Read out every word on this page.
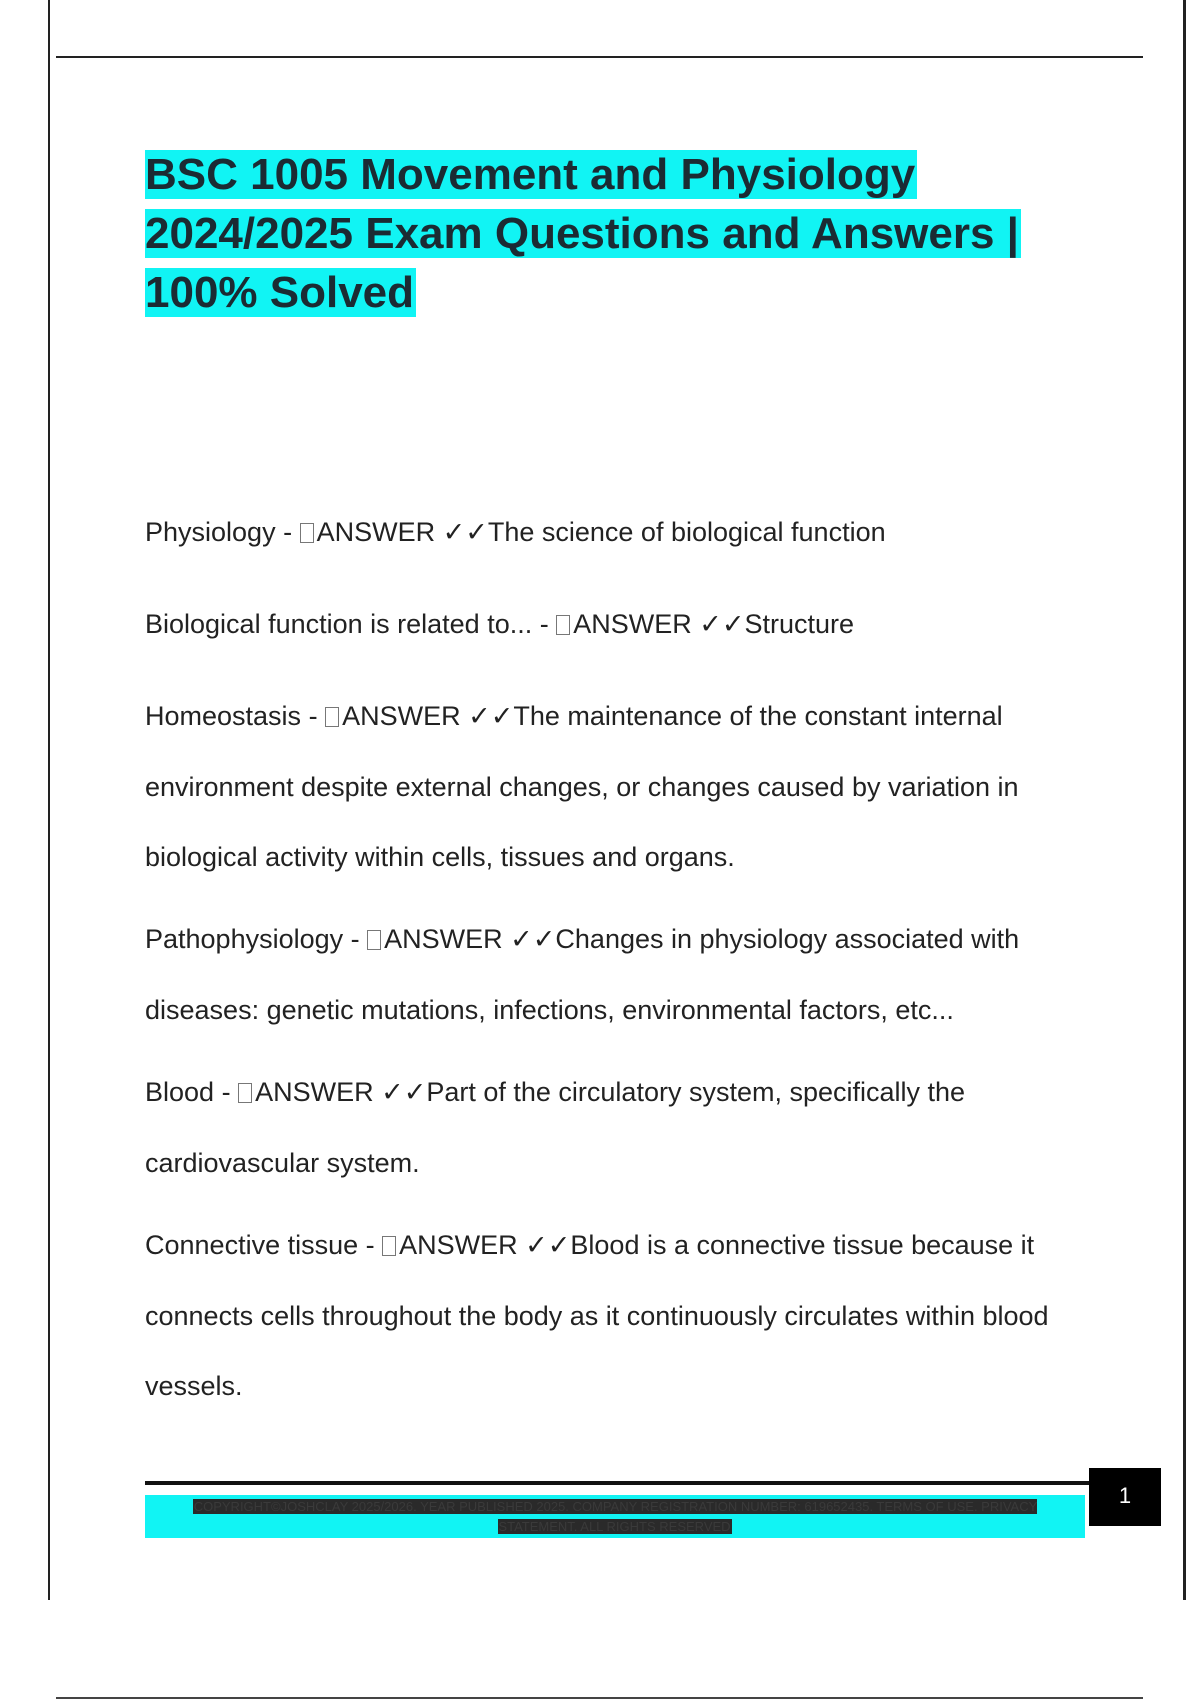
BSC 1005 Movement and Physiology 2024/2025 Exam Questions and Answers | 100% Solved

Physiology - ANSWER ✓✓The science of biological function

Biological function is related to... - ANSWER ✓✓Structure

Homeostasis - ANSWER ✓✓The maintenance of the constant internal environment despite external changes, or changes caused by variation in biological activity within cells, tissues and organs.

Pathophysiology - ANSWER ✓✓Changes in physiology associated with diseases: genetic mutations, infections, environmental factors, etc...

Blood - ANSWER ✓✓Part of the circulatory system, specifically the cardiovascular system.

Connective tissue - ANSWER ✓✓Blood is a connective tissue because it connects cells throughout the body as it continuously circulates within blood vessels.

COPYRIGHT©JOSHCLAY 2025/2026. YEAR PUBLISHED 2025. COMPANY REGISTRATION NUMBER: 619652435. TERMS OF USE. PRIVACY STATEMENT. ALL RIGHTS RESERVED
1
